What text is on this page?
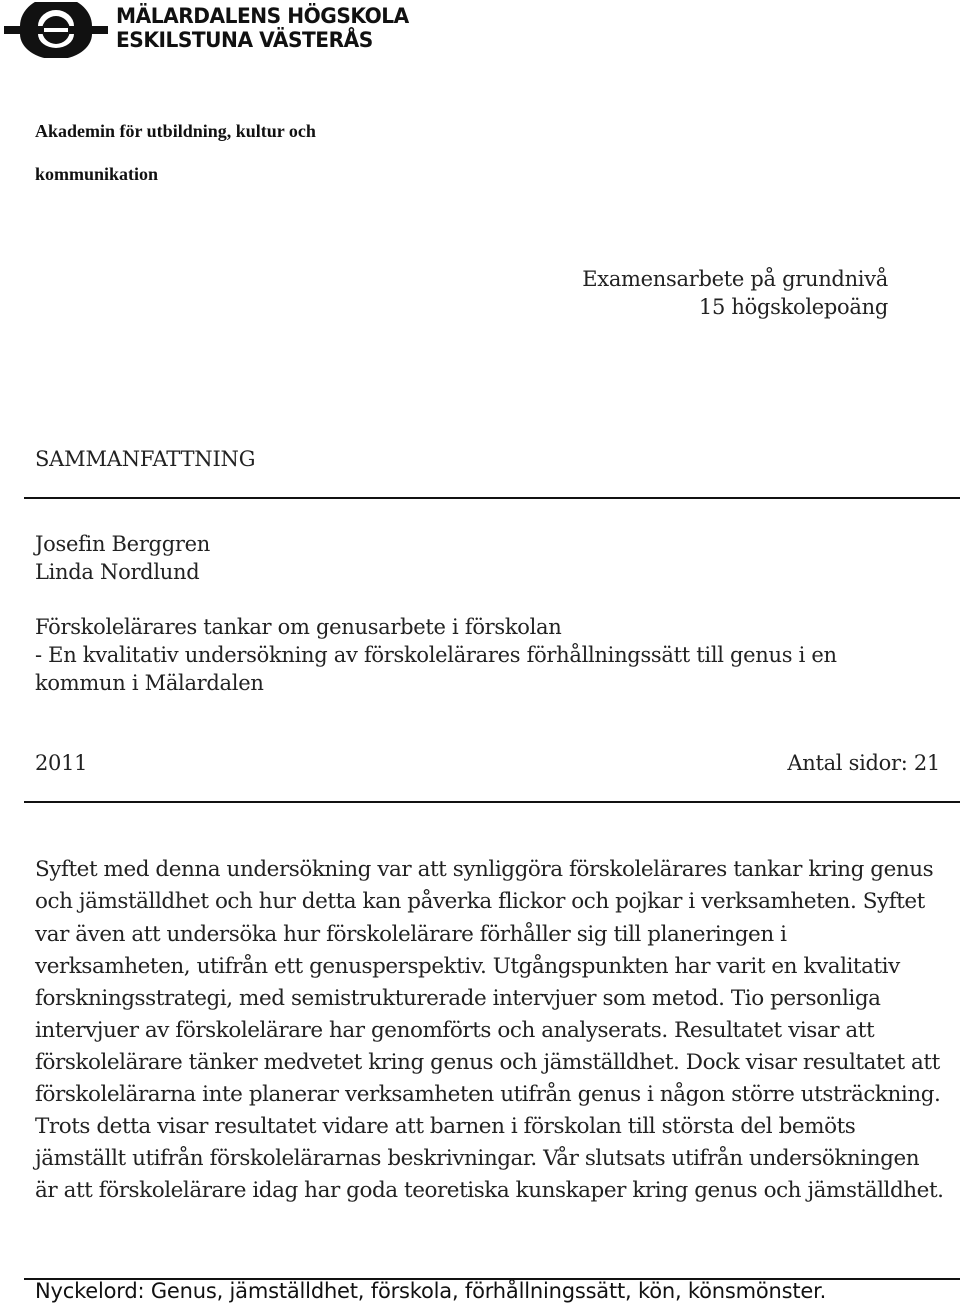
MÄLARDALENS HÖGSKOLA
ESKILSTUNA VÄSTERÅS
Akademin för utbildning, kultur och
kommunikation
Examensarbete på grundnivå
15 högskolepoäng
SAMMANFATTNING
Josefin Berggren
Linda Nordlund
Förskolelärares tankar om genusarbete i förskolan
- En kvalitativ undersökning av förskolelärares förhållningssätt till genus i en
kommun i Mälardalen
2011	Antal sidor: 21
Syftet med denna undersökning var att synliggöra förskolelärares tankar kring genus
och jämställdhet och hur detta kan påverka flickor och pojkar i verksamheten. Syftet
var även att undersöka hur förskolelärare förhåller sig till planeringen i
verksamheten, utifrån ett genusperspektiv. Utgångspunkten har varit en kvalitativ
forskningsstrategi, med semistrukturerade intervjuer som metod. Tio personliga
intervjuer av förskolelärare har genomförts och analyserats. Resultatet visar att
förskolelärare tänker medvetet kring genus och jämställdhet. Dock visar resultatet att
förskolelärarna inte planerar verksamheten utifrån genus i någon större utsträckning.
Trots detta visar resultatet vidare att barnen i förskolan till största del bemöts
jämställt utifrån förskolelärarnas beskrivningar. Vår slutsats utifrån undersökningen
är att förskolelärare idag har goda teoretiska kunskaper kring genus och jämställdhet.
Nyckelord: Genus, jämställdhet, förskola, förhållningssätt, kön, könsmönster.
